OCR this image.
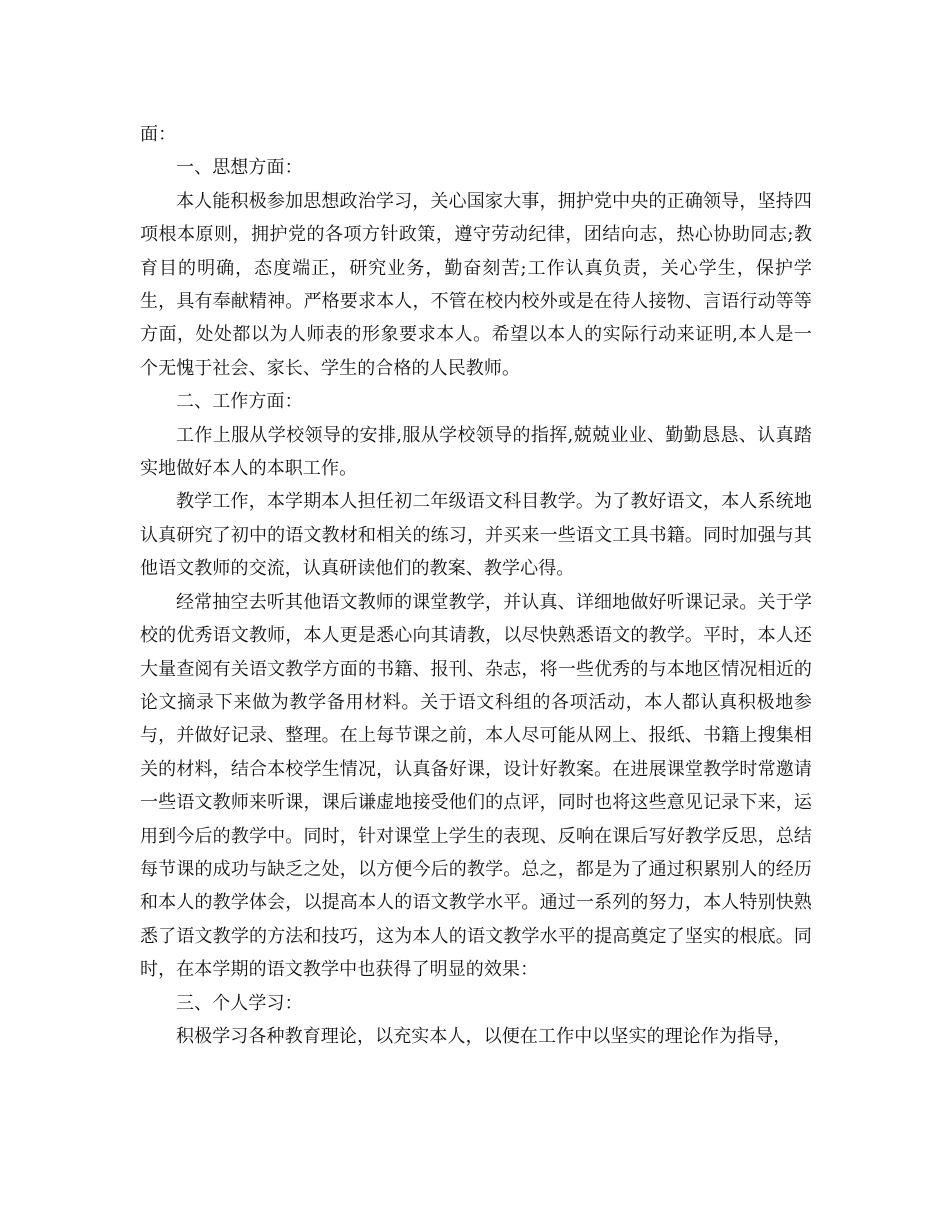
面：

一、思想方面：

本人能积极参加思想政治学习，关心国家大事，拥护党中央的正确领导，坚持四项根本原则，拥护党的各项方针政策，遵守劳动纪律，团结向志，热心协助同志;教育目的明确，态度端正，研究业务，勤奋刻苦;工作认真负责，关心学生，保护学生，具有奉献精神。严格要求本人，不管在校内校外或是在待人接物、言语行动等等方面，处处都以为人师表的形象要求本人。希望以本人的实际行动来证明,本人是一个无愧于社会、家长、学生的合格的人民教师。

二、工作方面：

工作上服从学校领导的安排,服从学校领导的指挥,兢兢业业、勤勤恳恳、认真踏实地做好本人的本职工作。

教学工作，本学期本人担任初二年级语文科目教学。为了教好语文，本人系统地认真研究了初中的语文教材和相关的练习，并买来一些语文工具书籍。同时加强与其他语文教师的交流，认真研读他们的教案、教学心得。

经常抽空去听其他语文教师的课堂教学，并认真、详细地做好听课记录。关于学校的优秀语文教师，本人更是悉心向其请教，以尽快熟悉语文的教学。平时，本人还大量查阅有关语文教学方面的书籍、报刊、杂志，将一些优秀的与本地区情况相近的论文摘录下来做为教学备用材料。关于语文科组的各项活动，本人都认真积极地参与，并做好记录、整理。在上每节课之前，本人尽可能从网上、报纸、书籍上搜集相关的材料，结合本校学生情况，认真备好课，设计好教案。在进展课堂教学时常邀请一些语文教师来听课，课后谦虚地接受他们的点评，同时也将这些意见记录下来，运用到今后的教学中。同时，针对课堂上学生的表现、反响在课后写好教学反思，总结每节课的成功与缺乏之处，以方便今后的教学。总之，都是为了通过积累别人的经历和本人的教学体会，以提高本人的语文教学水平。通过一系列的努力，本人特别快熟悉了语文教学的方法和技巧，这为本人的语文教学水平的提高奠定了坚实的根底。同时，在本学期的语文教学中也获得了明显的效果：

三、个人学习：

积极学习各种教育理论，以充实本人，以便在工作中以坚实的理论作为指导，
